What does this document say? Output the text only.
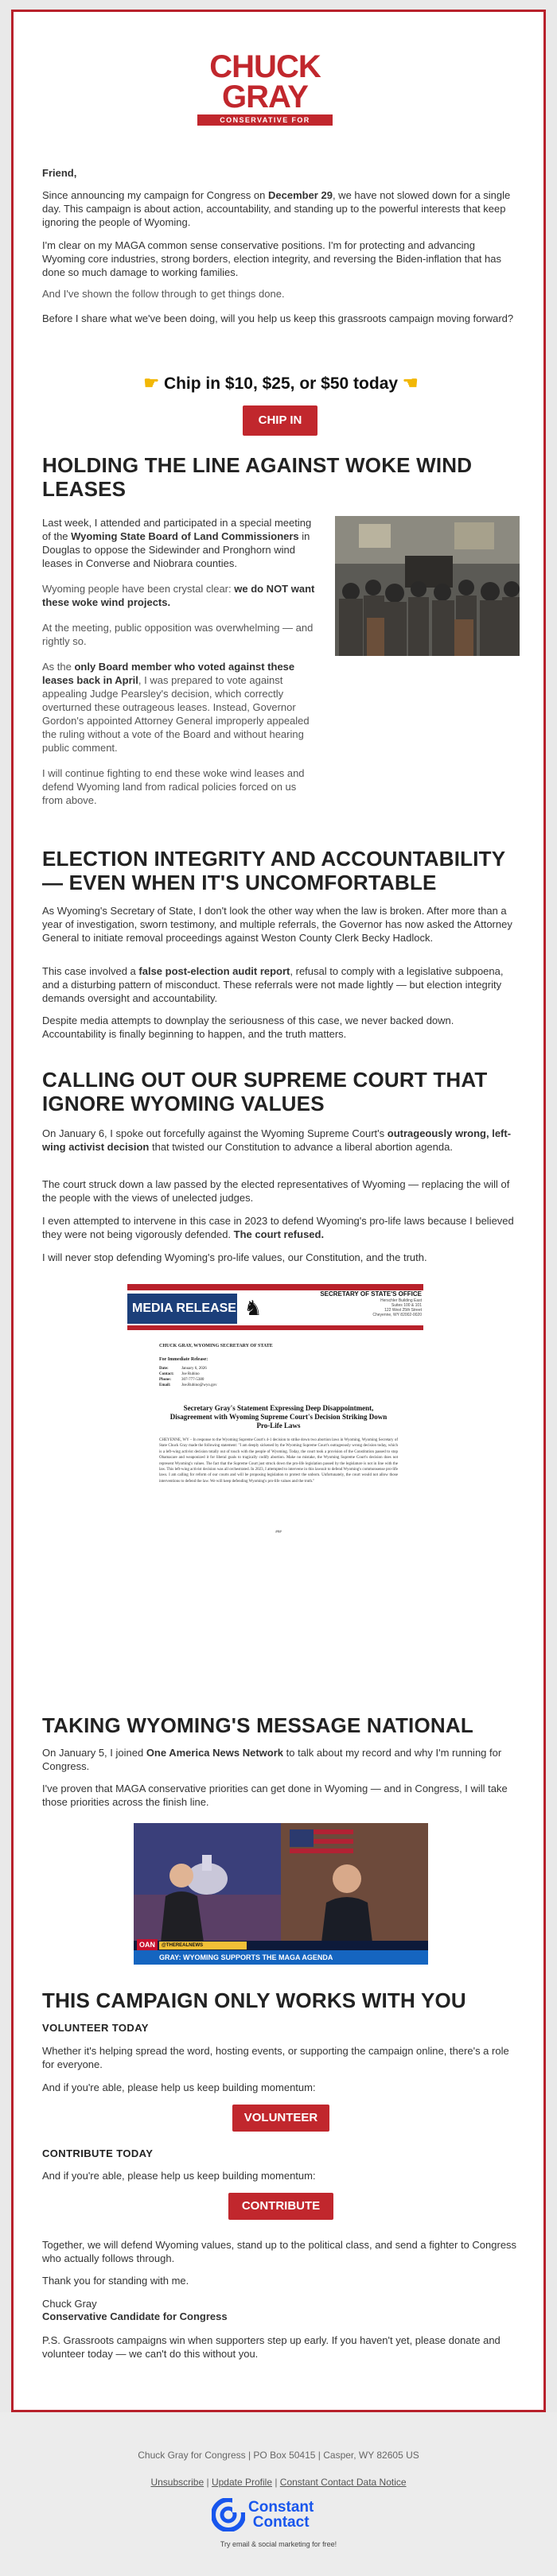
CHUCK
GRAY
CONSERVATIVE FOR CONGRESS

Friend,

Since announcing my campaign for Congress on December 29, we have not slowed down for a single day. This campaign is about action, accountability, and standing up to the powerful interests that keep ignoring the people of Wyoming.

I'm clear on my MAGA common sense conservative positions. I'm for protecting and advancing Wyoming core industries, strong borders, election integrity, and reversing the Biden-inflation that has done so much damage to working families.

And I've shown the follow through to get things done.

Before I share what we've been doing, will you help us keep this grassroots campaign moving forward?

☛ Chip in $10, $25, or $50 today ☚
CHIP IN
HOLDING THE LINE AGAINST WOKE WIND LEASES

Last week, I attended and participated in a special meeting of the Wyoming State Board of Land Commissioners in Douglas to oppose the Sidewinder and Pronghorn wind leases in Converse and Niobrara counties.

Wyoming people have been crystal clear: we do NOT want these woke wind projects.

At the meeting, public opposition was overwhelming — and rightly so.

As the only Board member who voted against these leases back in April, I was prepared to vote against appealing Judge Pearsley's decision, which correctly overturned these outrageous leases. Instead, Governor Gordon's appointed Attorney General improperly appealed the ruling without a vote of the Board and without hearing public comment.

I will continue fighting to end these woke wind leases and defend Wyoming land from radical policies forced on us from above.

ELECTION INTEGRITY AND ACCOUNTABILITY — EVEN WHEN IT'S UNCOMFORTABLE

As Wyoming's Secretary of State, I don't look the other way when the law is broken. After more than a year of investigation, sworn testimony, and multiple referrals, the Governor has now asked the Attorney General to initiate removal proceedings against Weston County Clerk Becky Hadlock.

This case involved a false post-election audit report, refusal to comply with a legislative subpoena, and a disturbing pattern of misconduct. These referrals were not made lightly — but election integrity demands oversight and accountability.

Despite media attempts to downplay the seriousness of this case, we never backed down. Accountability is finally beginning to happen, and the truth matters.

CALLING OUT OUR SUPREME COURT THAT IGNORE WYOMING VALUES

On January 6, I spoke out forcefully against the Wyoming Supreme Court's outrageously wrong, left-wing activist decision that twisted our Constitution to advance a liberal abortion agenda.

The court struck down a law passed by the elected representatives of Wyoming — replacing the will of the people with the views of unelected judges.

I even attempted to intervene in this case in 2023 to defend Wyoming's pro-life laws because I believed they were not being vigorously defended. The court refused.

I will never stop defending Wyoming's pro-life values, our Constitution, and the truth.

MEDIA RELEASE ♞
SECRETARY OF STATE'S OFFICE
Herschler Building East
Suites 100 & 101
122 West 25th Street
Cheyenne, WY 82002-0020
CHUCK GRAY, WYOMING SECRETARY OF STATE
For Immediate Release:
Date:	January 6, 2026
Contact: Joe Rubino
Phone:	307-777-5380
Email:	Joe.Rubino@wyo.gov
Secretary Gray's Statement Expressing Deep Disappointment, Disagreement with Wyoming Supreme Court's Decision Striking Down Pro-Life Laws
CHEYENNE, WY – In response to the Wyoming Supreme Court's 4-1 decision to strike down two abortion laws in Wyoming, Wyoming Secretary of State Chuck Gray made the following statement: "I am deeply sickened by the Wyoming Supreme Court's outrageously wrong decision today, which is a left-wing activist decision totally out of touch with the people of Wyoming. Today, the court took a provision of the Constitution passed to stop Obamacare and weaponized it for liberal goals to tragically codify abortion. Make no mistake, the Wyoming Supreme Court's decision does not represent Wyoming's values. The fact that the Supreme Court just struck down the pro-life legislation passed by the legislature is not in line with the law. This left-wing activist decision was all orchestrated. In 2023, I attempted to intervene in this lawsuit to defend Wyoming's commonsense pro-life laws. I am calling for reform of our courts and will be proposing legislation to protect the unborn. Unfortunately, the court would not allow those interventions to defend the law. We will keep defending Wyoming's pro-life values and the truth."
###
TAKING WYOMING'S MESSAGE NATIONAL

On January 5, I joined One America News Network to talk about my record and why I'm running for Congress.

I've proven that MAGA conservative priorities can get done in Wyoming — and in Congress, I will take those priorities across the finish line.

OAN	@THEREALNEWS
GRAY: WYOMING SUPPORTS THE MAGA AGENDA
THIS CAMPAIGN ONLY WORKS WITH YOU
VOLUNTEER TODAY

Whether it's helping spread the word, hosting events, or supporting the campaign online, there's a role for everyone.

And if you're able, please help us keep building momentum:

VOLUNTEER
CONTRIBUTE TODAY

And if you're able, please help us keep building momentum:

CONTRIBUTE

Together, we will defend Wyoming values, stand up to the political class, and send a fighter to Congress who actually follows through.

Thank you for standing with me.

Chuck Gray

Conservative Candidate for Congress

P.S. Grassroots campaigns win when supporters step up early. If you haven't yet, please donate and volunteer today — we can't do this without you.

Chuck Gray for Congress | PO Box 50415 | Casper, WY 82605 US
Unsubscribe | Update Profile | Constant Contact Data Notice
Constant
Contact
Try email & social marketing for free!
